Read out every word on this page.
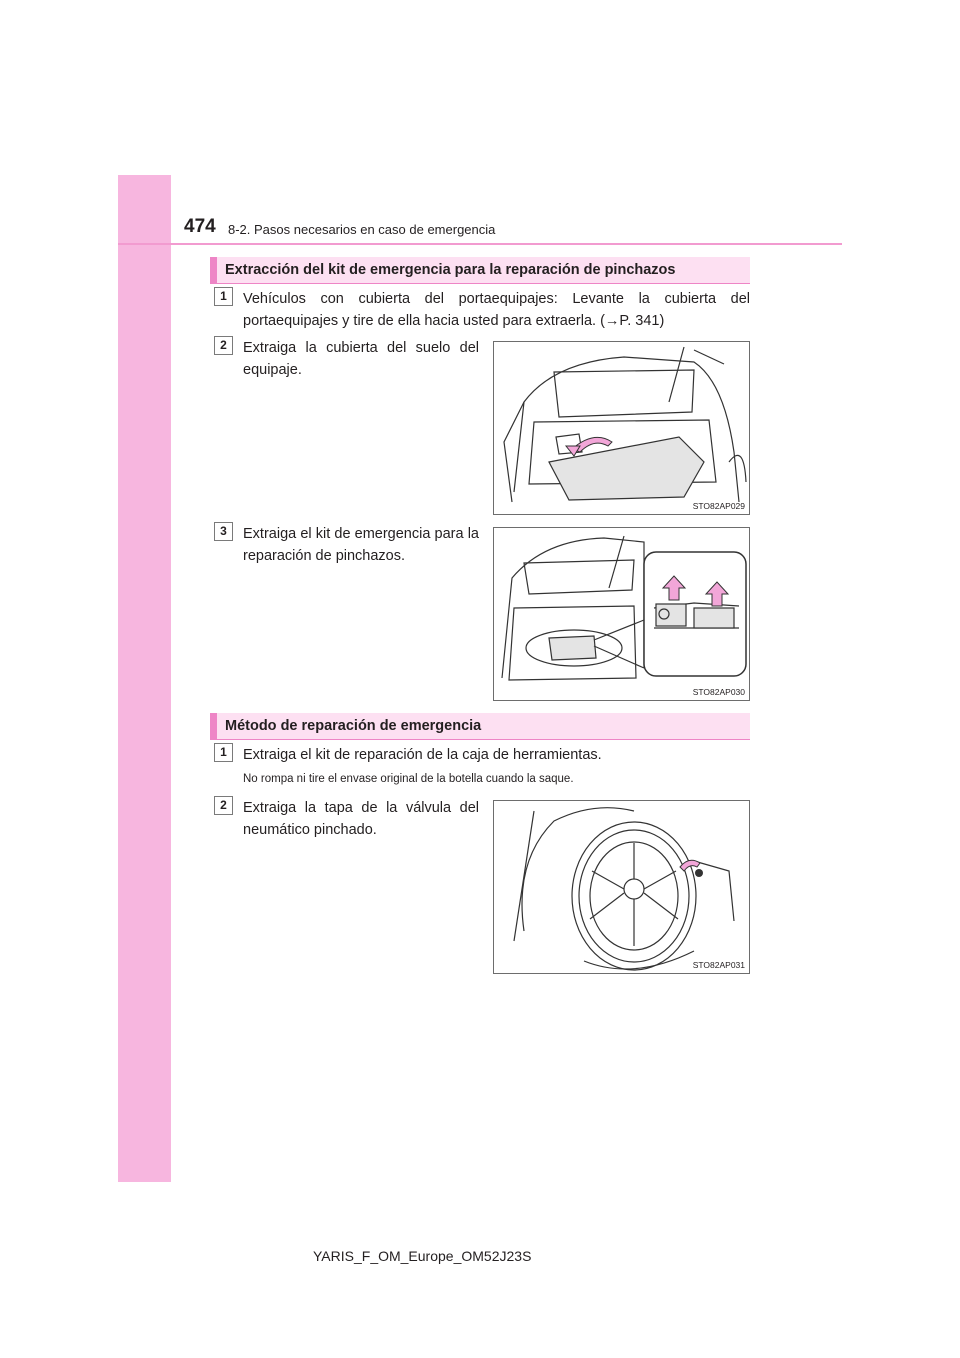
474 8-2. Pasos necesarios en caso de emergencia
Extracción del kit de emergencia para la reparación de pinchazos
1	Vehículos con cubierta del portaequipajes: Levante la cubierta del portaequipajes y tire de ella hacia usted para extraerla. (→P. 341)
2	Extraiga la cubierta del suelo del equipaje.
STO82AP029
3	Extraiga el kit de emergencia para la reparación de pinchazos.
STO82AP030
Método de reparación de emergencia
1	Extraiga el kit de reparación de la caja de herramientas.
No rompa ni tire el envase original de la botella cuando la saque.
2	Extraiga la tapa de la válvula del neumático pinchado.
STO82AP031
YARIS_F_OM_Europe_OM52J23S
